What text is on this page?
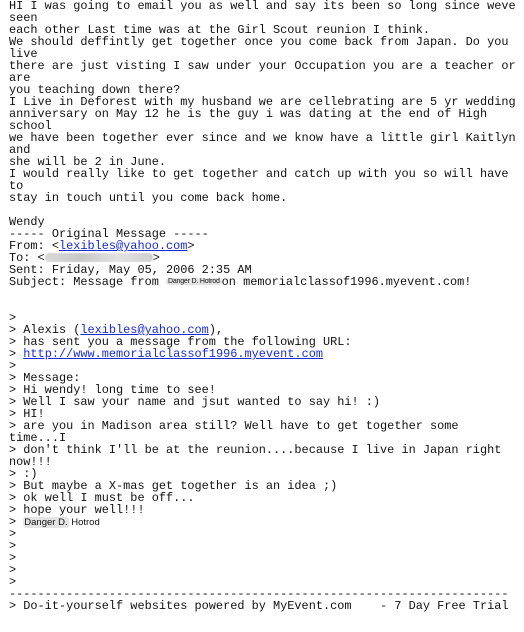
HI I was going to email you as well and say its been so long since weve
seen
each other Last time was at the Girl Scout reunion I think.
We should deffintly get together once you come back from Japan. Do you
live
there are just visting I saw under your Occupation you are a teacher or
are
you teaching down there?
I Live in Deforest with my husband we are cellebrating are 5 yr wedding
anniversary on May 12 he is the guy i was dating at the end of High
school
we have been together ever since and we know have a little girl Kaitlyn
and
she will be 2 in June.
I would really like to get together and catch up with you so will have
to
stay in touch until you come back home.
Wendy
----- Original Message -----
From: <lexibles@yahoo.com>
To: <	>
Sent: Friday, May 05, 2006 2:35 AM
Subject: Message from Danger D. Hotrod on memorialclassof1996.myevent.com!
>
> Alexis (lexibles@yahoo.com),
> has sent you a message from the following URL:
> http://www.memorialclassof1996.myevent.com
>
> Message:
> Hi wendy! long time to see!
> Well I saw your name and jsut wanted to say hi! :)
> HI!
> are you in Madison area still? Well have to get together some
time...I
> don't think I'll be at the reunion....because I live in Japan right
now!!!
> :)
> But maybe a X-mas get together is an idea ;)
> ok well I must be off...
> hope your well!!!
> Danger D. Hotrod
>
>
>
>
>
----------------------------------------------------------------------
> Do-it-yourself websites powered by MyEvent.com    - 7 Day Free Trial
